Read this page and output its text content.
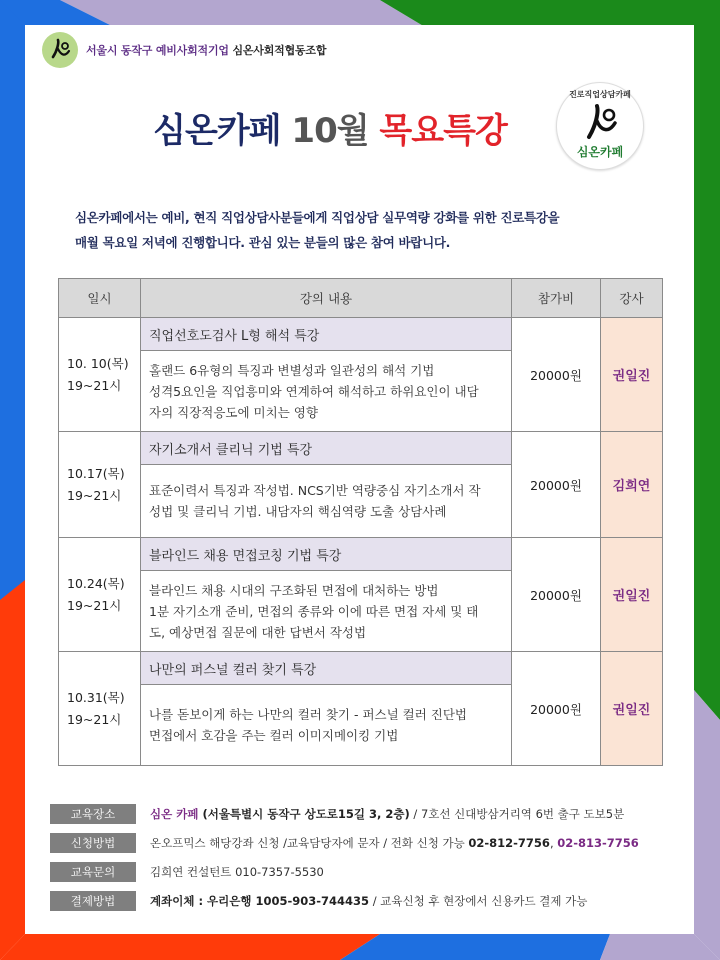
서울시 동작구 예비사회적기업 심온사회적협동조합
심온카페 10월 목요특강
진로직업상담카페
심온카페
심온카페에서는 예비, 현직 직업상담사분들에게 직업상담 실무역량 강화를 위한 진로특강을
매월 목요일 저녁에 진행합니다. 관심 있는 분들의 많은 참여 바랍니다.
일시	강의 내용	참가비	강사

10. 10(목)
19~21시	직업선호도검사 L형 해석 특강	20000원	권일진

	홀랜드 6유형의 특징과 변별성과 일관성의 해석 기법
성격5요인을 직업흥미와 연계하여 해석하고 하위요인이 내담
자의 직장적응도에 미치는 영향		

10.17(목)
19~21시	자기소개서 클리닉 기법 특강	20000원	김희연

	표준이력서 특징과 작성법. NCS기반 역량중심 자기소개서 작
성법 및 클리닉 기법. 내담자의 핵심역량 도출 상담사례		

10.24(목)
19~21시	블라인드 채용 면접코칭 기법 특강	20000원	권일진

	블라인드 채용 시대의 구조화된 면접에 대처하는 방법
1분 자기소개 준비, 면접의 종류와 이에 따른 면접 자세 및 태
도, 예상면접 질문에 대한 답변서 작성법		

10.31(목)
19~21시	나만의 퍼스널 컬러 찾기 특강	20000원	권일진

	나를 돋보이게 하는 나만의 컬러 찾기 - 퍼스널 컬러 진단법
면접에서 호감을 주는 컬러 이미지메이킹 기법		
교육장소	심온 카페 (서울특별시 동작구 상도로15길 3, 2층) / 7호선 신대방삼거리역 6번 출구 도보5분
신청방법	온오프믹스 해당강좌 신청 /교육담당자에 문자 / 전화 신청 가능 02-812-7756, 02-813-7756
교육문의	김희연 컨설턴트 010-7357-5530
결제방법	계좌이체 : 우리은행 1005-903-744435 / 교육신청 후 현장에서 신용카드 결제 가능
